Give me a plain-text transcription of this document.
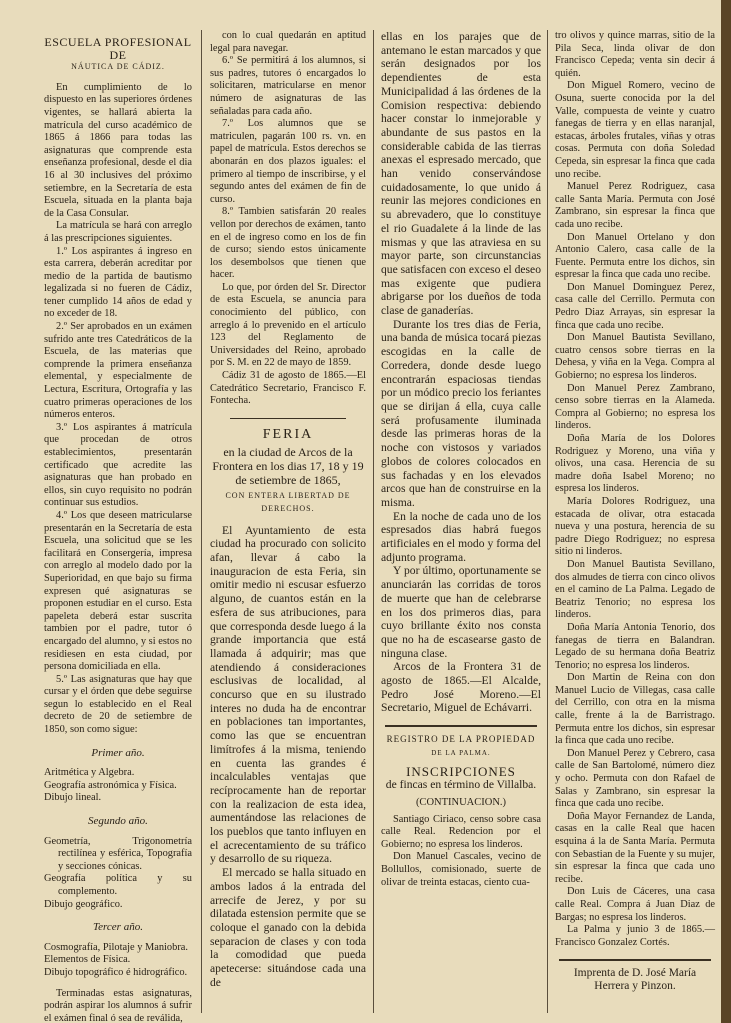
ESCUELA PROFESIONAL DE
NÁUTICA DE CÁDIZ.

En cumplimiento de lo dispuesto en las superiores órdenes vigentes, se hallará abierta la matrícula del curso académico de 1865 á 1866 para todas las asignaturas que comprende esta enseñanza profesional, desde el dia 16 al 30 inclusives del próximo setiembre, en la Secretaría de esta Escuela, situada en la planta baja de la Casa Consular.

La matrícula se hará con arreglo á las prescripciones siguientes.

1.º Los aspirantes á ingreso en esta carrera, deberán acreditar por medio de la partida de bautismo legalizada si no fueren de Cádiz, tener cumplido 14 años de edad y no exceder de 18.

2.º Ser aprobados en un exámen sufrido ante tres Catedráticos de la Escuela, de las materias que comprende la primera enseñanza elemental, y especialmente de Lectura, Escritura, Ortografía y las cuatro primeras operaciones de los números enteros.

3.º Los aspirantes á matrícula que procedan de otros establecimientos, presentarán certificado que acredite las asignaturas que han probado en ellos, sin cuyo requisito no podrán continuar sus estudios.

4.º Los que deseen matricularse presentarán en la Secretaría de esta Escuela, una solicitud que se les facilitará en Consergería, impresa con arreglo al modelo dado por la Superioridad, en que bajo su firma expresen qué asignaturas se proponen estudiar en el curso. Esta papeleta deberá estar suscrita tambien por el padre, tutor ó encargado del alumno, y si estos no residiesen en esta ciudad, por persona domiciliada en ella.

5.º Las asignaturas que hay que cursar y el órden que debe seguirse segun lo establecido en el Real decreto de 20 de setiembre de 1850, son como sigue:

Primer año.
Aritmética y Algebra.
Geografía astronómica y Física.
Dibujo lineal.
Segundo año.
Geometría, Trigonometría rectilínea y esférica, Topografía y secciones cónicas.
Geografía política y su complemento.
Dibujo geográfico.
Tercer año.
Cosmografía, Pilotaje y Maniobra.
Elementos de Física.
Dibujo topográfico é hidrográfico.

Terminadas estas asignaturas, podrán aspirar los alumnos á sufrir el exámen final ó sea de reválida,

con lo cual quedarán en aptitud legal para navegar.

6.º Se permitirá á los alumnos, si sus padres, tutores ó encargados lo solicitaren, matricularse en menor número de asignaturas de las señaladas para cada año.

7.º Los alumnos que se matriculen, pagarán 100 rs. vn. en papel de matrícula. Estos derechos se abonarán en dos plazos iguales: el primero al tiempo de inscribirse, y el segundo antes del exámen de fin de curso.

8.º Tambien satisfarán 20 reales vellon por derechos de exámen, tanto en el de ingreso como en los de fin de curso; siendo estos únicamente los desembolsos que tienen que hacer.

Lo que, por órden del Sr. Director de esta Escuela, se anuncia para conocimiento del público, con arreglo á lo prevenido en el artículo 123 del Reglamento de Universidades del Reino, aprobado por S. M. en 22 de mayo de 1859.

Cádiz 31 de agosto de 1865.—El Catedrático Secretario, Francisco F. Fontecha.

FERIA
en la ciudad de Arcos de la Frontera en los dias 17, 18 y 19 de setiembre de 1865,
CON ENTERA LIBERTAD DE DERECHOS.

El Ayuntamiento de esta ciudad ha procurado con solicito afan, llevar á cabo la inauguracion de esta Feria, sin omitir medio ni escusar esfuerzo alguno, de cuantos están en la esfera de sus atribuciones, para que corresponda desde luego á la grande importancia que está llamada á adquirir; mas que atendiendo á consideraciones esclusivas de localidad, al concurso que en su ilustrado interes no duda ha de encontrar en poblaciones tan importantes, como las que se encuentran limítrofes á la misma, teniendo en cuenta las grandes é incalculables ventajas que recíprocamente han de reportar con la realizacion de esta idea, aumentándose las relaciones de los pueblos que tanto influyen en el acrecentamiento de su tráfico y desarrollo de su riqueza.

El mercado se halla situado en ambos lados á la entrada del arrecife de Jerez, y por su dilatada estension permite que se coloque el ganado con la debida separacion de clases y con toda la comodidad que pueda apetecerse: situándose cada una de

ellas en los parajes que de antemano le estan marcados y que serán designados por los dependientes de esta Municipalidad á las órdenes de la Comision respectiva: debiendo hacer constar lo inmejorable y abundante de sus pastos en la considerable cabida de las tierras anexas el espresado mercado, que han venido conservándose cuidadosamente, lo que unido á reunir las mejores condiciones en su abrevadero, que lo constituye el rio Guadalete á la linde de las mismas y que las atraviesa en su mayor parte, son circunstancias que satisfacen con exceso el deseo mas exigente que pudiera abrigarse por los dueños de toda clase de ganaderías.

Durante los tres dias de Feria, una banda de música tocará piezas escogidas en la calle de Corredera, donde desde luego encontrarán espaciosas tiendas por un módico precio los feriantes que se dirijan á ella, cuya calle será profusamente iluminada desde las primeras horas de la noche con vistosos y variados globos de colores colocados en sus fachadas y en los elevados arcos que han de construirse en la misma.

En la noche de cada uno de los espresados dias habrá fuegos artificiales en el modo y forma del adjunto programa.

Y por último, oportunamente se anunciarán las corridas de toros de muerte que han de celebrarse en los dos primeros dias, para cuyo brillante éxito nos consta que no ha de escasearse gasto de ninguna clase.

Arcos de la Frontera 31 de agosto de 1865.—El Alcalde, Pedro José Moreno.—El Secretario, Miguel de Echávarri.

REGISTRO DE LA PROPIEDAD
DE LA PALMA.
INSCRIPCIONES
de fincas en término de Villalba.
(CONTINUACION.)

Santiago Ciriaco, censo sobre casa calle Real. Redencion por el Gobierno; no espresa los linderos.

Don Manuel Cascales, vecino de Bollullos, comisionado, suerte de olivar de treinta estacas, ciento cua-

tro olivos y quince marras, sitio de la Pila Seca, linda olivar de don Francisco Cepeda; venta sin decir á quién.

Don Miguel Romero, vecino de Osuna, suerte conocida por la del Valle, compuesta de veinte y cuatro fanegas de tierra y en ellas naranjal, estacas, árboles frutales, viñas y otras cosas. Permuta con doña Soledad Cepeda, sin espresar la finca que cada uno recibe.

Manuel Perez Rodriguez, casa calle Santa María. Permuta con José Zambrano, sin espresar la finca que cada uno recibe.

Don Manuel Ortelano y don Antonio Calero, casa calle de la Fuente. Permuta entre los dichos, sin espresar la finca que cada uno recibe.

Don Manuel Dominguez Perez, casa calle del Cerrillo. Permuta con Pedro Diaz Arrayas, sin espresar la finca que cada uno recibe.

Don Manuel Bautista Sevillano, cuatro censos sobre tierras en la Dehesa, y viña en la Vega. Compra al Gobierno; no espresa los linderos.

Don Manuel Perez Zambrano, censo sobre tierras en la Alameda. Compra al Gobierno; no espresa los linderos.

Doña María de los Dolores Rodriguez y Moreno, una viña y olivos, una casa. Herencia de su madre doña Isabel Moreno; no espresa los linderos.

María Dolores Rodriguez, una estacada de olivar, otra estacada nueva y una postura, herencia de su padre Diego Rodriguez; no espresa sitio ni linderos.

Don Manuel Bautista Sevillano, dos almudes de tierra con cinco olivos en el camino de La Palma. Legado de Beatriz Tenorio; no espresa los linderos.

Doña María Antonia Tenorio, dos fanegas de tierra en Balandran. Legado de su hermana doña Beatriz Tenorio; no espresa los linderos.

Don Martin de Reina con don Manuel Lucio de Villegas, casa calle del Cerrillo, con otra en la misma calle, frente á la de Barristrago. Permuta entre los dichos, sin espresar la finca que cada uno recibe.

Don Manuel Perez y Cebrero, casa calle de San Bartolomé, número diez y ocho. Permuta con don Rafael de Salas y Zambrano, sin espresar la finca que cada uno recibe.

Doña Mayor Fernandez de Landa, casas en la calle Real que hacen esquina á la de Santa María. Permuta con Sebastian de la Fuente y su mujer, sin espresar la finca que cada uno recibe.

Don Luis de Cáceres, una casa calle Real. Compra á Juan Diaz de Bargas; no espresa los linderos.

La Palma y junio 3 de 1865.—Francisco Gonzalez Cortés.

Imprenta de D. José María
Herrera y Pinzon.
